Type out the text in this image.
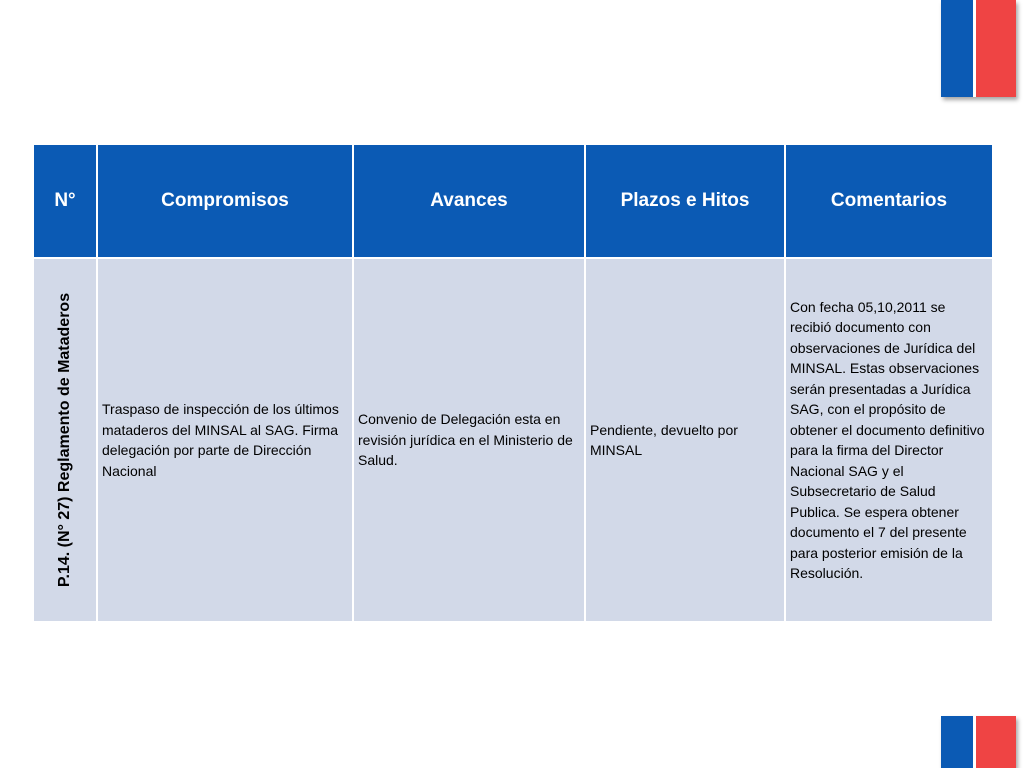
N°	Compromisos	Avances	Plazos e Hitos	Comentarios

P.14. (N° 27) Reglamento de Mataderos	Traspaso de inspección de los últimos mataderos del MINSAL al SAG. Firma delegación por parte de Dirección Nacional	Convenio de Delegación esta en revisión jurídica en el Ministerio de Salud.	Pendiente, devuelto por MINSAL	Con fecha 05,10,2011 se recibió documento con observaciones de Jurídica del MINSAL. Estas observaciones serán presentadas a Jurídica SAG, con el propósito de obtener el documento definitivo para la firma del Director Nacional SAG y el Subsecretario de Salud Publica. Se espera obtener documento el 7 del presente para posterior emisión de la Resolución.
